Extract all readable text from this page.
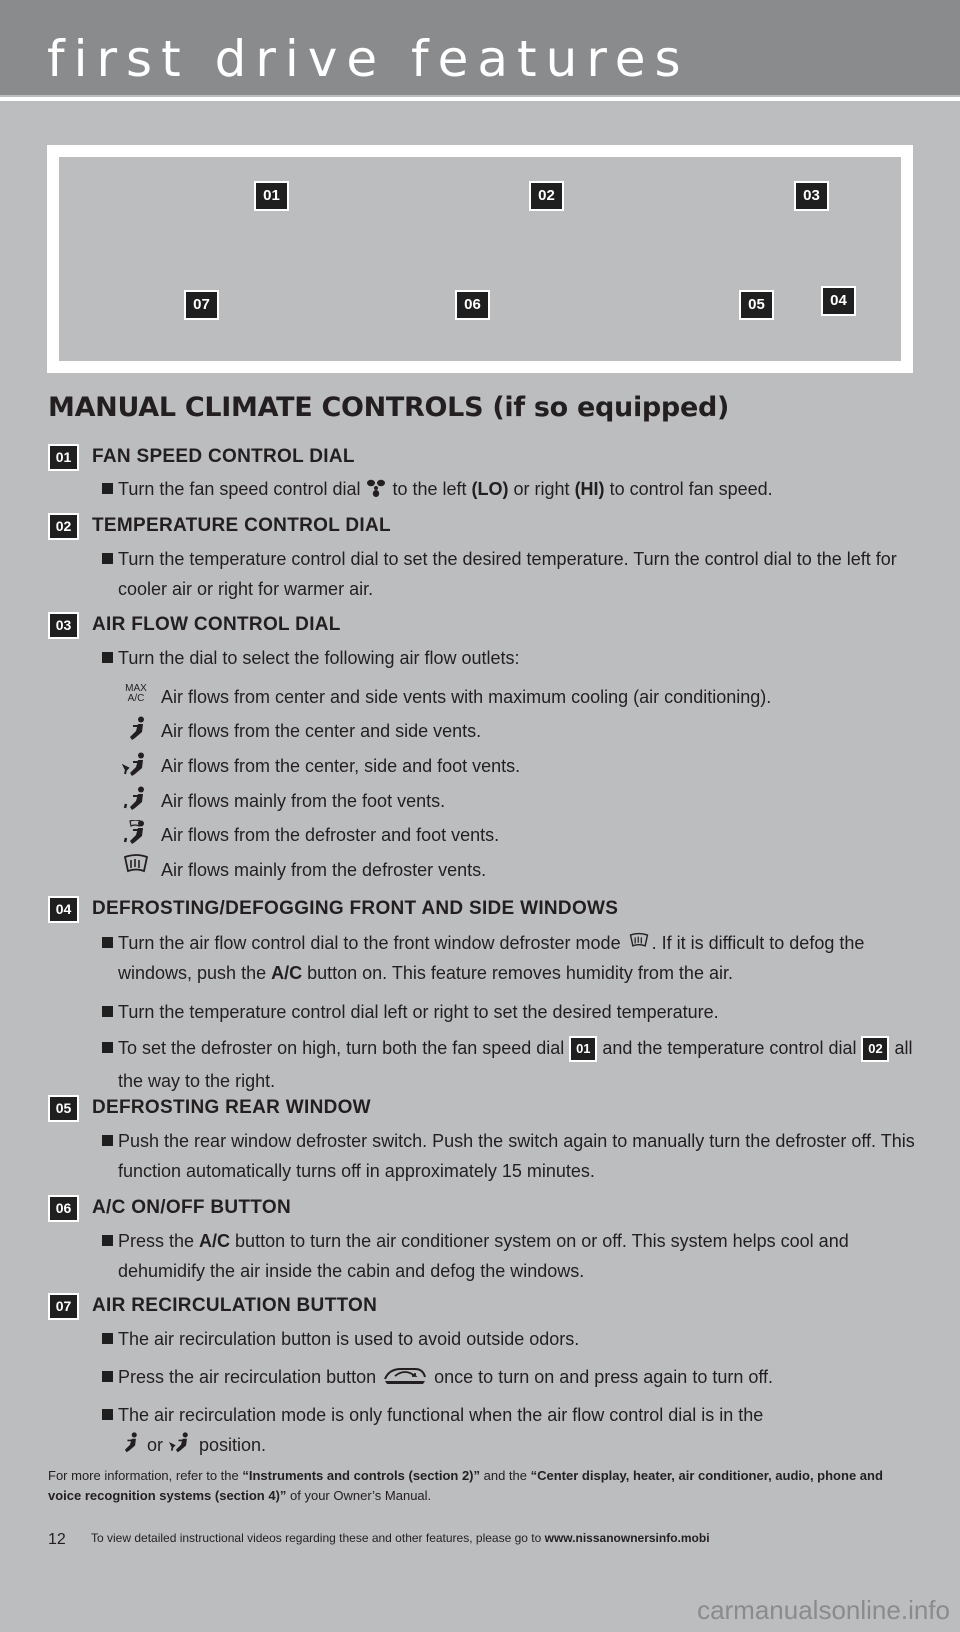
first drive features
01	02	03
04
05
06
07
MANUAL CLIMATE CONTROLS (if so equipped)
01	FAN SPEED CONTROL DIAL
Turn the fan speed control dial  to the left (LO) or right (HI) to control fan speed.
02	TEMPERATURE CONTROL DIAL
Turn the temperature control dial to set the desired temperature. Turn the control dial to the left for cooler air or right for warmer air.
03	AIR FLOW CONTROL DIAL
Turn the dial to select the following air flow outlets:
MAX
A/C Air flows from center and side vents with maximum cooling (air conditioning).
Air flows from the center and side vents.
Air flows from the center, side and foot vents.
Air flows mainly from the foot vents.
Air flows from the defroster and foot vents.
Air flows mainly from the defroster vents.
04	DEFROSTING/DEFOGGING FRONT AND SIDE WINDOWS
Turn the air flow control dial to the front window defroster mode . If it is difficult to defog the windows, push the A/C button on. This feature removes humidity from the air.
Turn the temperature control dial left or right to set the desired temperature.
To set the defroster on high, turn both the fan speed dial 01 and the temperature control dial 02 all the way to the right.
05	DEFROSTING REAR WINDOW
Push the rear window defroster switch. Push the switch again to manually turn the defroster off. This function automatically turns off in approximately 15 minutes.
06	A/C ON/OFF BUTTON
Press the A/C button to turn the air conditioner system on or off. This system helps cool and dehumidify the air inside the cabin and defog the windows.
07	AIR RECIRCULATION BUTTON
The air recirculation button is used to avoid outside odors.
Press the air recirculation button	once to turn on and press again to turn off.
The air recirculation mode is only functional when the air flow control dial is in the
or  position.
For more information, refer to the “Instruments and controls (section 2)” and the “Center display, heater, air conditioner, audio, phone and voice recognition systems (section 4)” of your Owner’s Manual.
12 To view detailed instructional videos regarding these and other features, please go to www.nissanownersinfo.mobi
carmanualsonline.info
